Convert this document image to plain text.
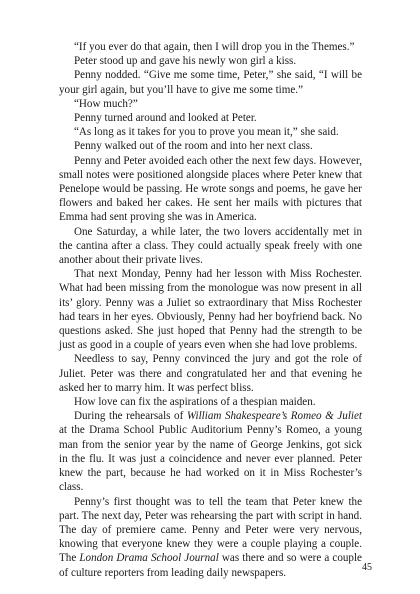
“If you ever do that again, then I will drop you in the Themes.”

Peter stood up and gave his newly won girl a kiss.

Penny nodded. “Give me some time, Peter,” she said, “I will be your girl again, but you’ll have to give me some time.”

“How much?”

Penny turned around and looked at Peter.

“As long as it takes for you to prove you mean it,” she said.

Penny walked out of the room and into her next class.

Penny and Peter avoided each other the next few days. However, small notes were positioned alongside places where Peter knew that Penelope would be passing. He wrote songs and poems, he gave her flowers and baked her cakes. He sent her mails with pictures that Emma had sent proving she was in America.

One Saturday, a while later, the two lovers accidentally met in the cantina after a class. They could actually speak freely with one another about their private lives.

That next Monday, Penny had her lesson with Miss Rochester. What had been missing from the monologue was now present in all its’ glory. Penny was a Juliet so extraordinary that Miss Rochester had tears in her eyes. Obviously, Penny had her boyfriend back. No questions asked. She just hoped that Penny had the strength to be just as good in a couple of years even when she had love problems.

Needless to say, Penny convinced the jury and got the role of Juliet. Peter was there and congratulated her and that evening he asked her to marry him. It was perfect bliss.

How love can fix the aspirations of a thespian maiden.

During the rehearsals of William Shakespeare’s Romeo & Juliet at the Drama School Public Auditorium Penny’s Romeo, a young man from the senior year by the name of George Jenkins, got sick in the flu. It was just a coincidence and never ever planned. Peter knew the part, because he had worked on it in Miss Rochester’s class.

Penny’s first thought was to tell the team that Peter knew the part. The next day, Peter was rehearsing the part with script in hand. The day of premiere came. Penny and Peter were very nervous, knowing that everyone knew they were a couple playing a couple. The London Drama School Journal was there and so were a couple of culture reporters from leading daily newspapers.	45
